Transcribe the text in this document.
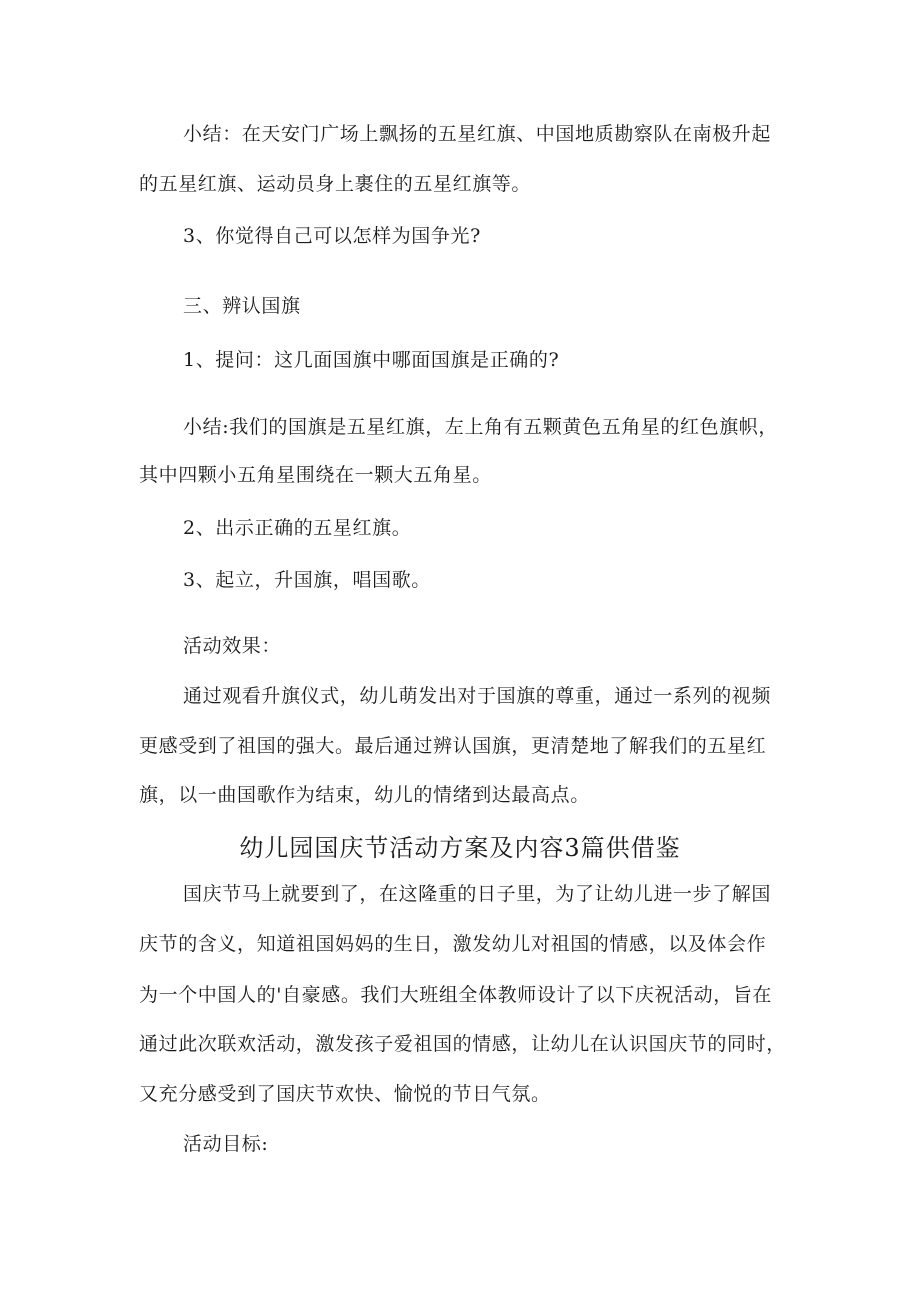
小结：在天安门广场上飘扬的五星红旗、中国地质勘察队在南极升起
的五星红旗、运动员身上裹住的五星红旗等。
3、你觉得自己可以怎样为国争光?
三、辨认国旗
1、提问：这几面国旗中哪面国旗是正确的?
小结:我们的国旗是五星红旗，左上角有五颗黄色五角星的红色旗帜，
其中四颗小五角星围绕在一颗大五角星。
2、出示正确的五星红旗。
3、起立，升国旗，唱国歌。
活动效果：
通过观看升旗仪式，幼儿萌发出对于国旗的尊重，通过一系列的视频
更感受到了祖国的强大。最后通过辨认国旗，更清楚地了解我们的五星红
旗，以一曲国歌作为结束，幼儿的情绪到达最高点。
幼儿园国庆节活动方案及内容3篇供借鉴
国庆节马上就要到了，在这隆重的日子里，为了让幼儿进一步了解国
庆节的含义，知道祖国妈妈的生日，激发幼儿对祖国的情感，以及体会作
为一个中国人的'自豪感。我们大班组全体教师设计了以下庆祝活动，旨在
通过此次联欢活动，激发孩子爱祖国的情感，让幼儿在认识国庆节的同时，
又充分感受到了国庆节欢快、愉悦的节日气氛。
活动目标:
